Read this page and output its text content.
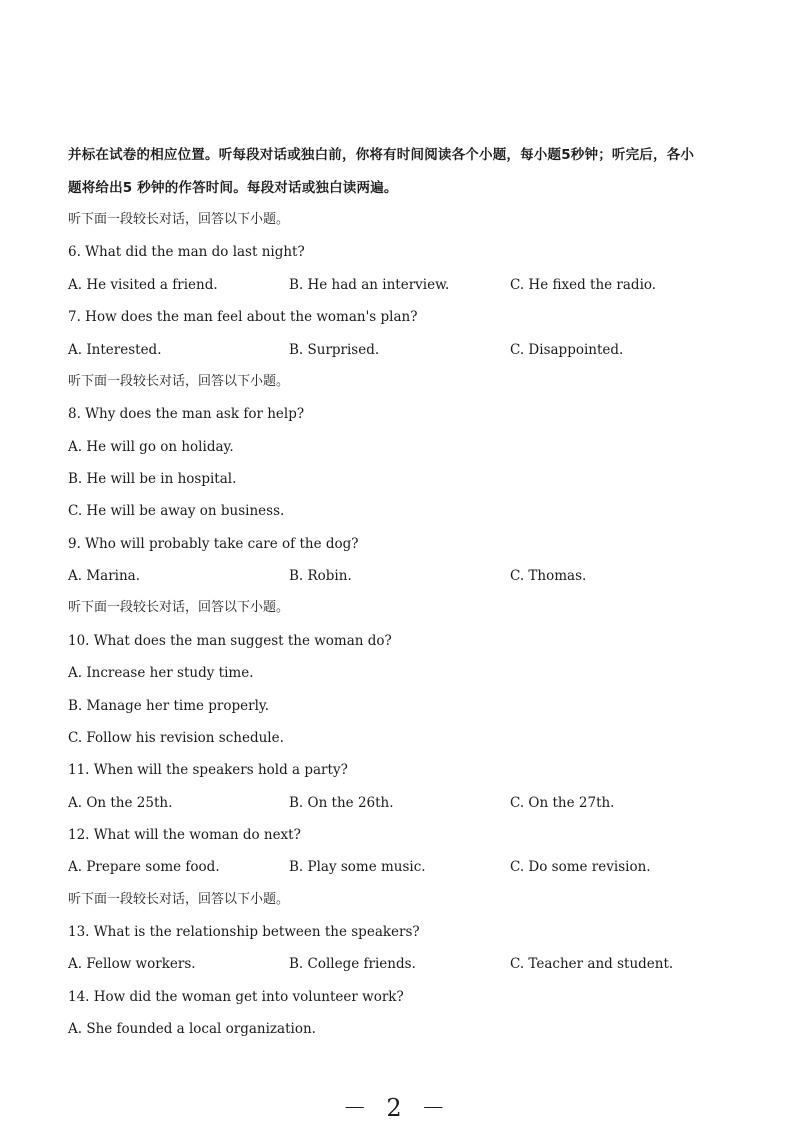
并标在试卷的相应位置。听每段对话或独白前，你将有时间阅读各个小题，每小题5秒钟；听完后，各小
题将给出5 秒钟的作答时间。每段对话或独白读两遍。
听下面一段较长对话，回答以下小题。
6. What did the man do last night?
A. He visited a friend.	B. He had an interview.	C. He fixed the radio.
7. How does the man feel about the woman's plan?
A. Interested.	B. Surprised.	C. Disappointed.
听下面一段较长对话，回答以下小题。
8. Why does the man ask for help?
A. He will go on holiday.
B. He will be in hospital.
C. He will be away on business.
9. Who will probably take care of the dog?
A. Marina.	B. Robin.	C. Thomas.
听下面一段较长对话，回答以下小题。
10. What does the man suggest the woman do?
A. Increase her study time.
B. Manage her time properly.
C. Follow his revision schedule.
11. When will the speakers hold a party?
A. On the 25th.	B. On the 26th.	C. On the 27th.
12. What will the woman do next?
A. Prepare some food.	B. Play some music.	C. Do some revision.
听下面一段较长对话，回答以下小题。
13. What is the relationship between the speakers?
A. Fellow workers.	B. College friends.	C. Teacher and student.
14. How did the woman get into volunteer work?
A. She founded a local organization.
－ 2 －
